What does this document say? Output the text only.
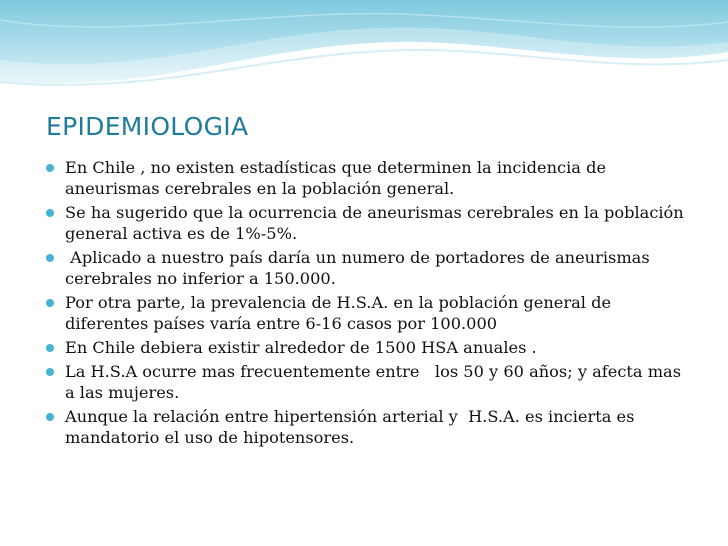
EPIDEMIOLOGIA
En Chile , no existen estadísticas que determinen la incidencia de aneurismas cerebrales en la población general.
Se ha sugerido que la ocurrencia de aneurismas cerebrales en la población general activa es de 1%-5%.
Aplicado a nuestro país daría un numero de portadores de aneurismas cerebrales no inferior a 150.000.
Por otra parte, la prevalencia de H.S.A. en la población general de diferentes países varía entre 6-16 casos por 100.000
En Chile debiera existir alrededor de 1500 HSA anuales .
La H.S.A ocurre mas frecuentemente entre   los 50 y 60 años; y afecta mas a las mujeres.
Aunque la relación entre hipertensión arterial y  H.S.A. es incierta es mandatorio el uso de hipotensores.
